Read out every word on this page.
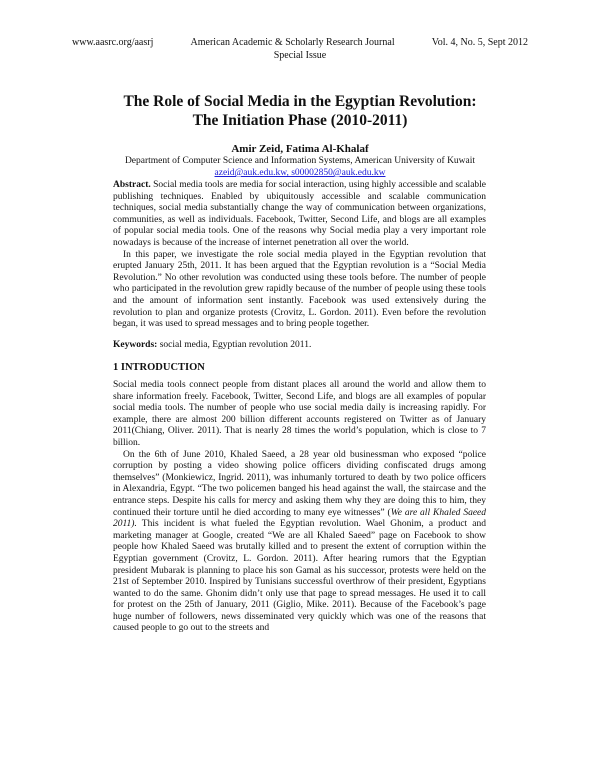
www.aasrc.org/aasrj	American Academic & Scholarly Research Journal	Vol. 4, No. 5, Sept 2012
Special Issue
The Role of Social Media in the Egyptian Revolution:
The Initiation Phase (2010-2011)
Amir Zeid, Fatima Al-Khalaf
Department of Computer Science and Information Systems, American University of Kuwait
azeid@auk.edu.kw, s00002850@auk.edu.kw

Abstract. Social media tools are media for social interaction, using highly accessible and scalable publishing techniques. Enabled by ubiquitously accessible and scalable communication techniques, social media substantially change the way of communication between organizations, communities, as well as individuals. Facebook, Twitter, Second Life, and blogs are all examples of popular social media tools. One of the reasons why Social media play a very important role nowadays is because of the increase of internet penetration all over the world.

In this paper, we investigate the role social media played in the Egyptian revolution that erupted January 25th, 2011. It has been argued that the Egyptian revolution is a “Social Media Revolution.” No other revolution was conducted using these tools before. The number of people who participated in the revolution grew rapidly because of the number of people using these tools and the amount of information sent instantly. Facebook was used extensively during the revolution to plan and organize protests (Crovitz, L. Gordon. 2011). Even before the revolution began, it was used to spread messages and to bring people together.

Keywords: social media, Egyptian revolution 2011.
1 INTRODUCTION

Social media tools connect people from distant places all around the world and allow them to share information freely. Facebook, Twitter, Second Life, and blogs are all examples of popular social media tools. The number of people who use social media daily is increasing rapidly. For example, there are almost 200 billion different accounts registered on Twitter as of January 2011(Chiang, Oliver. 2011). That is nearly 28 times the world’s population, which is close to 7 billion.

On the 6th of June 2010, Khaled Saeed, a 28 year old businessman who exposed “police corruption by posting a video showing police officers dividing confiscated drugs among themselves” (Monkiewicz, Ingrid. 2011), was inhumanly tortured to death by two police officers in Alexandria, Egypt. “The two policemen banged his head against the wall, the staircase and the entrance steps. Despite his calls for mercy and asking them why they are doing this to him, they continued their torture until he died according to many eye witnesses” (We are all Khaled Saeed 2011). This incident is what fueled the Egyptian revolution. Wael Ghonim, a product and marketing manager at Google, created “We are all Khaled Saeed” page on Facebook to show people how Khaled Saeed was brutally killed and to present the extent of corruption within the Egyptian government (Crovitz, L. Gordon. 2011). After hearing rumors that the Egyptian president Mubarak is planning to place his son Gamal as his successor, protests were held on the 21st of September 2010. Inspired by Tunisians successful overthrow of their president, Egyptians wanted to do the same. Ghonim didn’t only use that page to spread messages. He used it to call for protest on the 25th of January, 2011 (Giglio, Mike. 2011). Because of the Facebook’s page huge number of followers, news disseminated very quickly which was one of the reasons that caused people to go out to the streets and
